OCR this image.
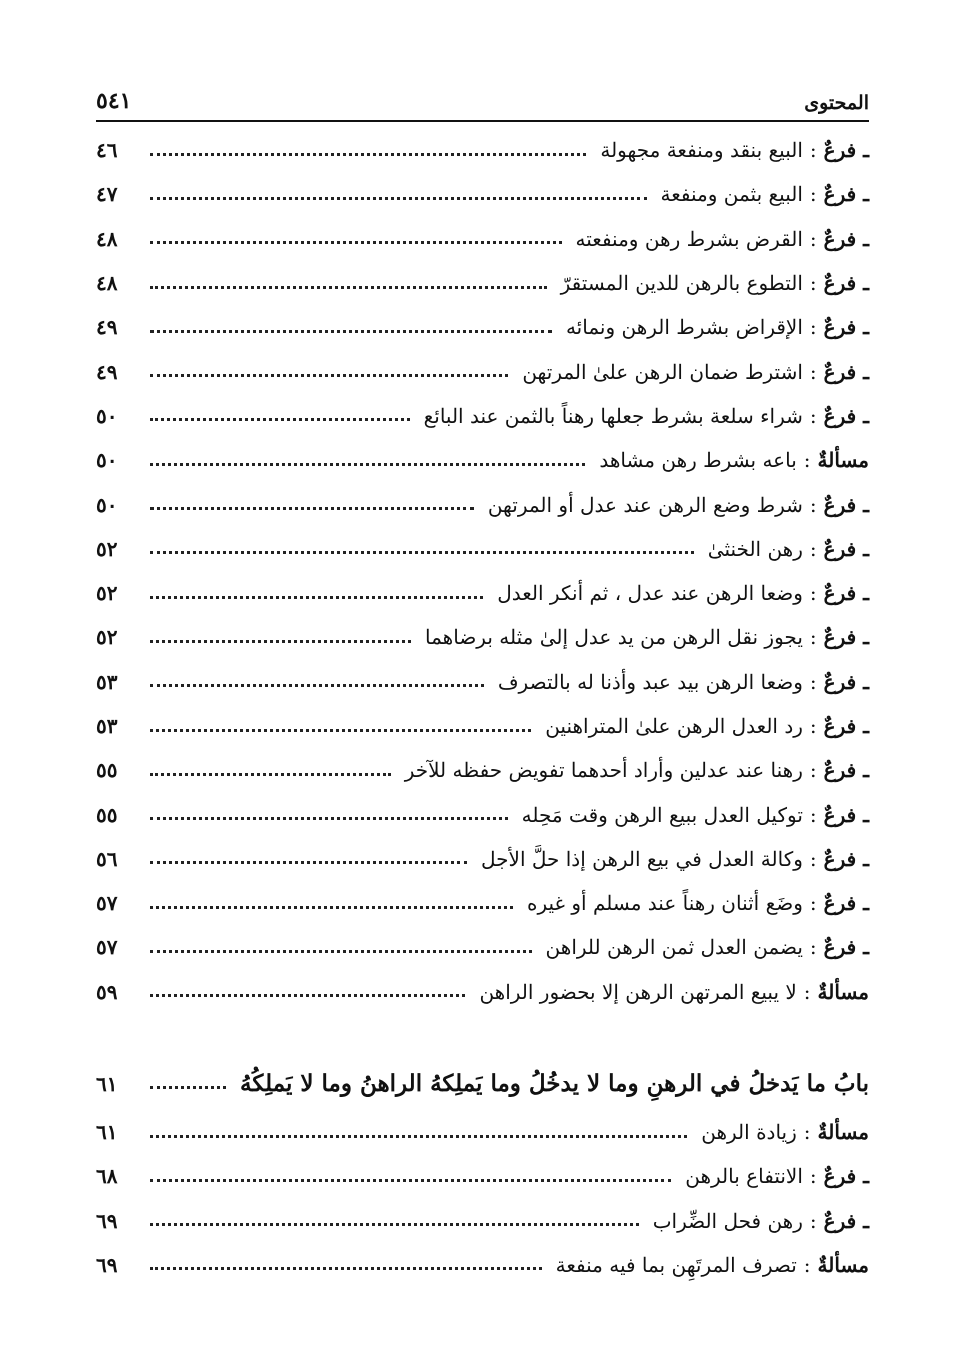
٥٤١	المحتوى
ـ فرعٌ
:
البيع بنقد ومنفعة مجهولة
٤٦
ـ فرعٌ
:
البيع بثمن ومنفعة
٤٧
ـ فرعٌ
:
القرض بشرط رهن ومنفعته
٤٨
ـ فرعٌ
:
التطوع بالرهن للدين المستقرّ
٤٨
ـ فرعٌ
:
الإقراض بشرط الرهن ونمائه
٤٩
ـ فرعٌ
:
اشترط ضمان الرهن علىٰ المرتهن
٤٩
ـ فرعٌ
:
شراء سلعة بشرط جعلها رهناً بالثمن عند البائع
٥٠
مسألةٌ
:
باعه بشرط رهن مشاهد
٥٠
ـ فرعٌ
:
شرط وضع الرهن عند عدل أو المرتهن
٥٠
ـ فرعٌ
:
رهن الخنثىٰ
٥٢
ـ فرعٌ
:
وضعا الرهن عند عدل ، ثم أنكر العدل
٥٢
ـ فرعٌ
:
يجوز نقل الرهن من يد عدل إلىٰ مثله برضاهما
٥٢
ـ فرعٌ
:
وضعا الرهن بيد عبد وأذنا له بالتصرف
٥٣
ـ فرعٌ
:
رد العدل الرهن علىٰ المتراهنين
٥٣
ـ فرعٌ
:
رهنا عند عدلين وأراد أحدهما تفويض حفظه للآخر
٥٥
ـ فرعٌ
:
توكيل العدل ببيع الرهن وقت مَحِله
٥٥
ـ فرعٌ
:
وكالة العدل في بيع الرهن إذا حلَّ الأجل
٥٦
ـ فرعٌ
:
وضَع أثنان رهناً عند مسلم أو غيره
٥٧
ـ فرعٌ
:
يضمن العدل ثمن الرهن للراهن
٥٧
مسألةٌ
:
لا يبيع المرتهن الرهن إلا بحضور الراهن
٥٩
بابُ ما يَدخلُ في الرهنِ وما لا يدخُلُ وما يَملِكهُ الراهنُ وما لا يَملِكُهُ
٦١
مسألةٌ
:
زيادة الرهن
٦١
ـ فرعٌ
:
الانتفاع بالرهن
٦٨
ـ فرعٌ
:
رهن فحل الضِّراب
٦٩
مسألةٌ
:
تصرف المرتَهِن بما فيه منفعة
٦٩
